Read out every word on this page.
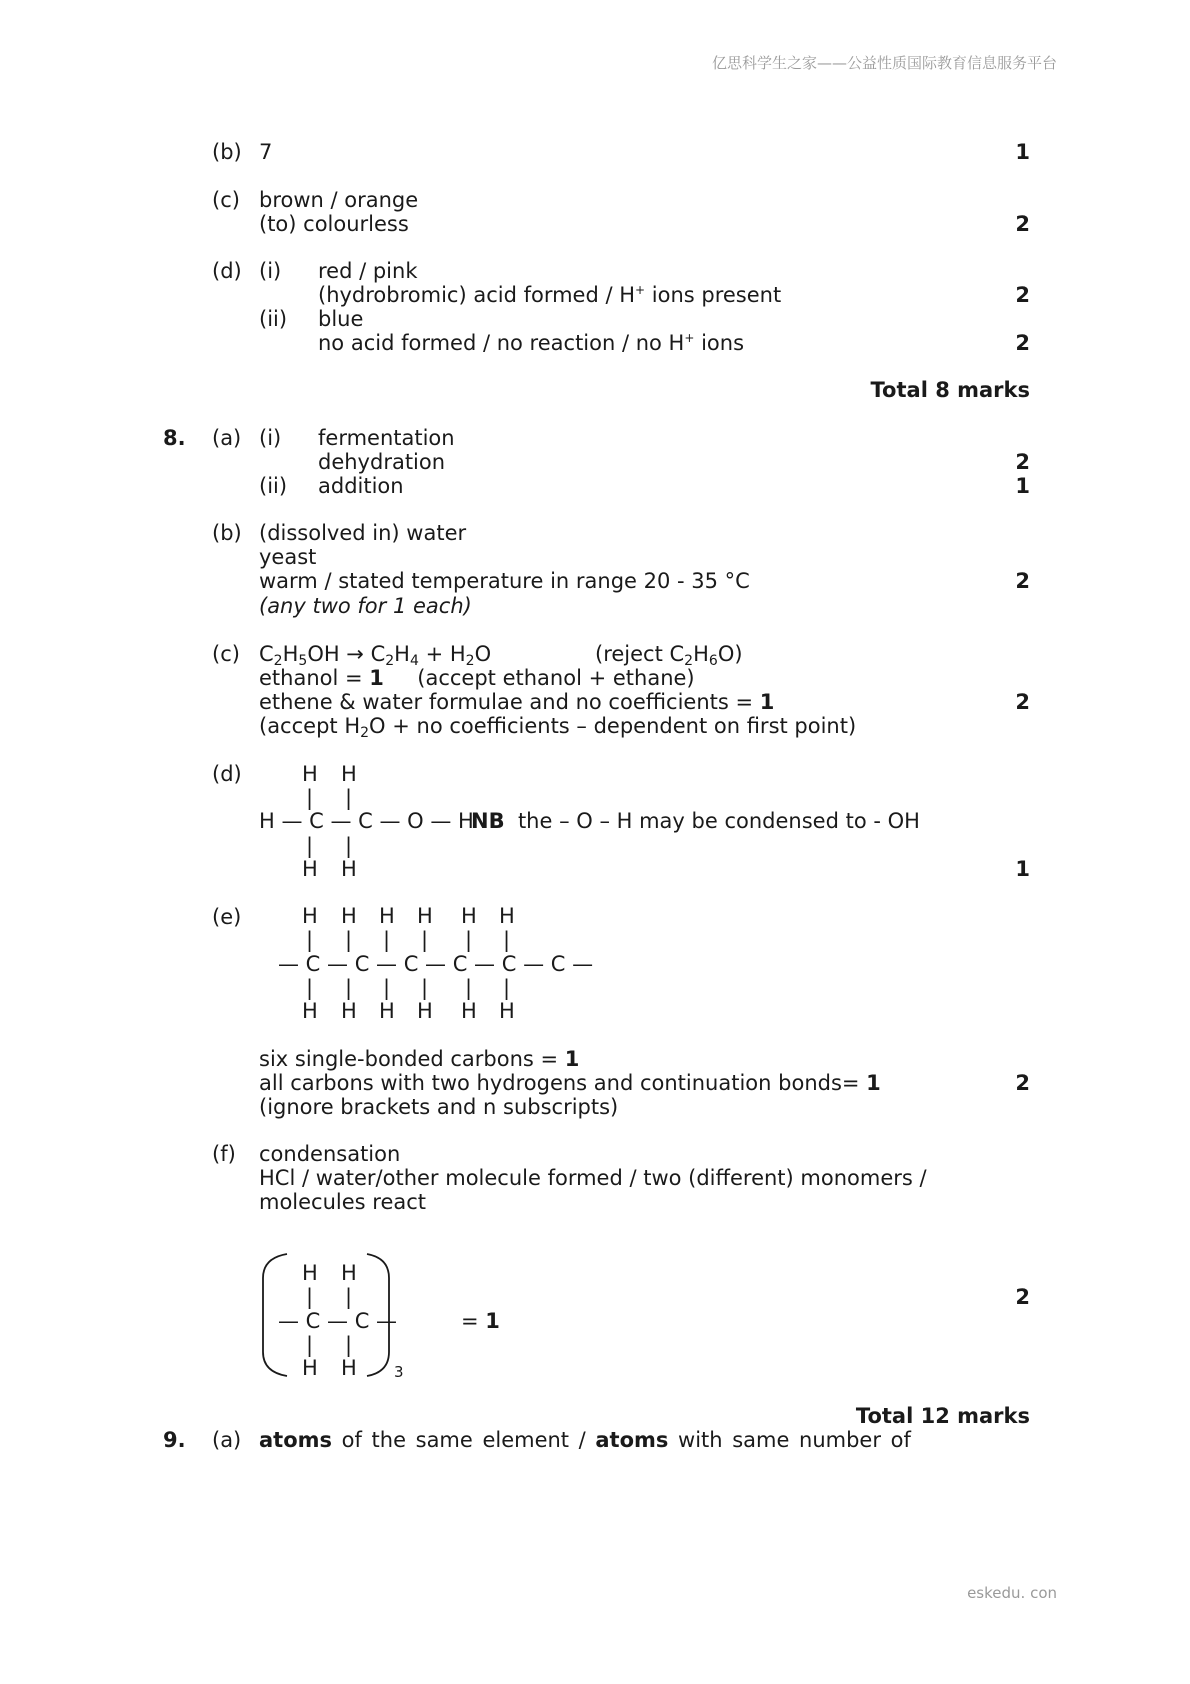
亿思科学生之家——公益性质国际教育信息服务平台
(b) 7	1
(c) brown / orange
(to) colourless	2
(d) (i) red / pink
(hydrobromic) acid formed / H+ ions present	2
(ii) blue
no acid formed / no reaction / no H+ ions	2
Total 8 marks
8. (a) (i) fermentation
dehydration	2
(ii) addition	1
(b) (dissolved in) water
yeast
warm / stated temperature in range 20 - 35 °C	2
(any two for 1 each)
(c) $C_2H_5OH \to C_2H_4 + H_2O$	(reject $C_2H_6O$)
ethanol = 1     (accept ethanol + ethane)
ethene & water formulae and no coefficients = 1	2
(accept $H_2O$ + no coefficients – dependent on first point)
(d)	H H
| |
H — C — C — O — H
| |
H H
NB  the – O – H may be condensed to - OH
1
(e)	H H H H H H
| | | | | |
— C — C — C — C — C — C —
| | | | | |
H H H H H H
six single-bonded carbons = 1
all carbons with two hydrogens and continuation bonds= 1	2
(ignore brackets and n subscripts)
(f) condensation
HCl / water/other molecule formed / two (different) monomers /
molecules react
H H
| |
— C — C —
| |
H H 3
= 1
2
Total 12 marks
9. (a) atoms of the same element / atoms with same number of
eskedu. con
